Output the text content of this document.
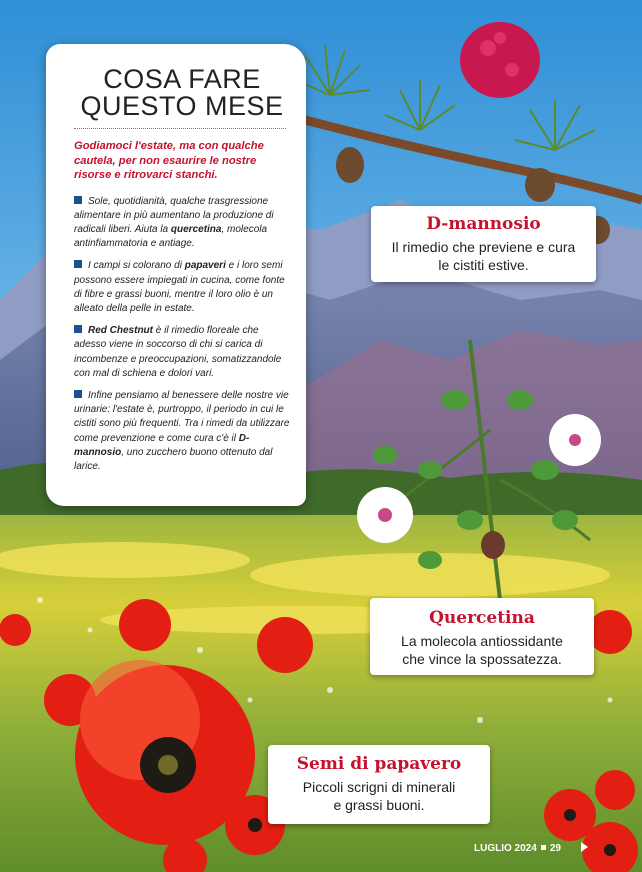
COSA FARE
QUESTO MESE

Godiamoci l'estate, ma con qualche cautela, per non esaurire le nostre risorse e ritrovarci stanchi.

Sole, quotidianità, qualche trasgressione alimentare in più aumentano la produzione di radicali liberi. Aiuta la quercetina, molecola antinfiammatoria e antiage.

I campi si colorano di papaveri e i loro semi possono essere impiegati in cucina, come fonte di fibre e grassi buoni, mentre il loro olio è un alleato della pelle in estate.

Red Chestnut è il rimedio floreale che adesso viene in soccorso di chi si carica di incombenze e preoccupazioni, somatizzandole con mal di schiena e dolori vari.

Infine pensiamo al benessere delle nostre vie urinarie: l'estate è, purtroppo, il periodo in cui le cistiti sono più frequenti. Tra i rimedi da utilizzare come prevenzione e come cura c'è il D-mannosio, uno zucchero buono ottenuto dal larice.

D-mannosio
Il rimedio che previene e cura
le cistiti estive.
Quercetina
La molecola antiossidante
che vince la spossatezza.
Semi di papavero
Piccoli scrigni di minerali
e grassi buoni.
LUGLIO 2024 29
